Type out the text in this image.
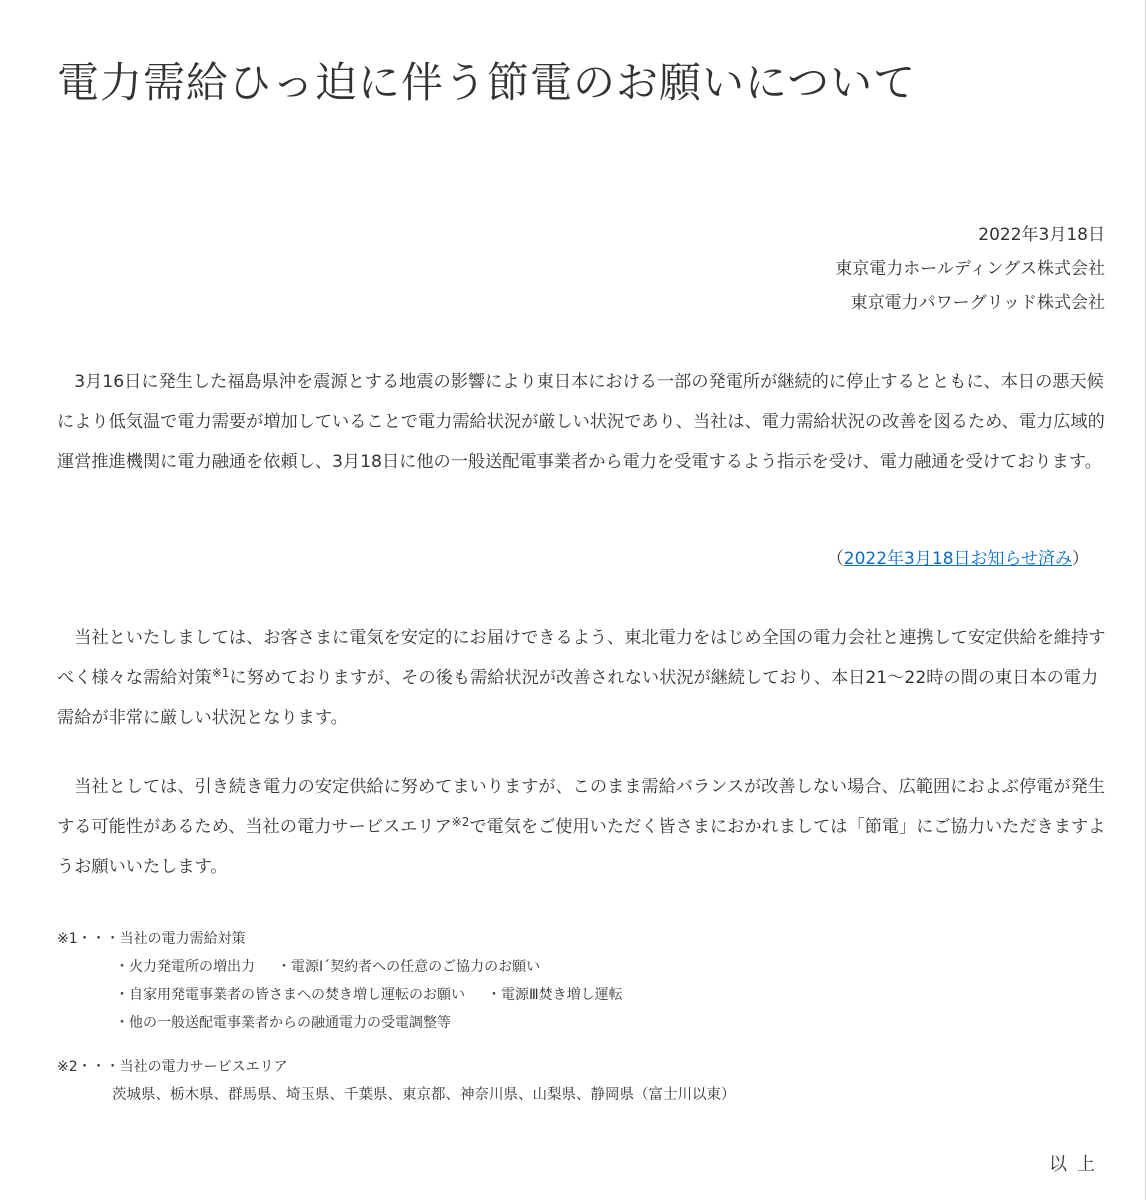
電力需給ひっ迫に伴う節電のお願いについて
2022年3月18日
東京電力ホールディングス株式会社
東京電力パワーグリッド株式会社

3月16日に発生した福島県沖を震源とする地震の影響により東日本における一部の発電所が継続的に停止するとともに、本日の悪天候により低気温で電力需要が増加していることで電力需給状況が厳しい状況であり、当社は、電力需給状況の改善を図るため、電力広域的運営推進機関に電力融通を依頼し、3月18日に他の一般送配電事業者から電力を受電するよう指示を受け、電力融通を受けております。

（2022年3月18日お知らせ済み）

当社といたしましては、お客さまに電気を安定的にお届けできるよう、東北電力をはじめ全国の電力会社と連携して安定供給を維持すべく様々な需給対策$^{※1}$に努めておりますが、その後も需給状況が改善されない状況が継続しており、本日21～22時の間の東日本の電力需給が非常に厳しい状況となります。

当社としては、引き続き電力の安定供給に努めてまいりますが、このまま需給バランスが改善しない場合、広範囲におよぶ停電が発生する可能性があるため、当社の電力サービスエリア$^{※2}$で電気をご使用いただく皆さまにおかれましては「節電」にご協力いただきますようお願いいたします。

※1・・・当社の電力需給対策
・火力発電所の増出力 ・電源Ⅰ´契約者への任意のご協力のお願い
・自家用発電事業者の皆さまへの焚き増し運転のお願い ・電源Ⅲ焚き増し運転
・他の一般送配電事業者からの融通電力の受電調整等
※2・・・当社の電力サービスエリア
茨城県、栃木県、群馬県、埼玉県、千葉県、東京都、神奈川県、山梨県、静岡県（富士川以東）
以上
